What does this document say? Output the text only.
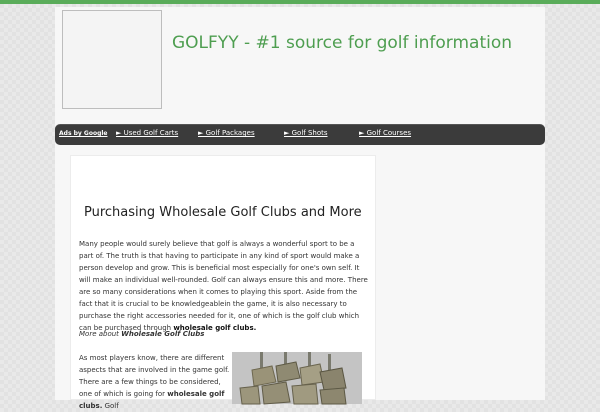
GOLFYY - #1 source for golf information
Ads by Google ► Used Golf Carts	► Golf Packages	► Golf Shots	► Golf Courses
Purchasing Wholesale Golf Clubs and More
Many people would surely believe that golf is always a wonderful sport to be a part of. The truth is that having to participate in any kind of sport would make a person develop and grow. This is beneficial most especially for one's own self. It will make an individual well-rounded. Golf can always ensure this and more. There are so many considerations when it comes to playing this sport. Aside from the fact that it is crucial to be knowledgeablein the game, it is also necessary to purchase the right accessories needed for it, one of which is the golf club which can be purchased through wholesale golf clubs.
More about Wholesale Golf Clubs
As most players know, there are different aspects that are involved in the game golf. There are a few things to be considered, one of which is going for wholesale golf clubs. Golf
